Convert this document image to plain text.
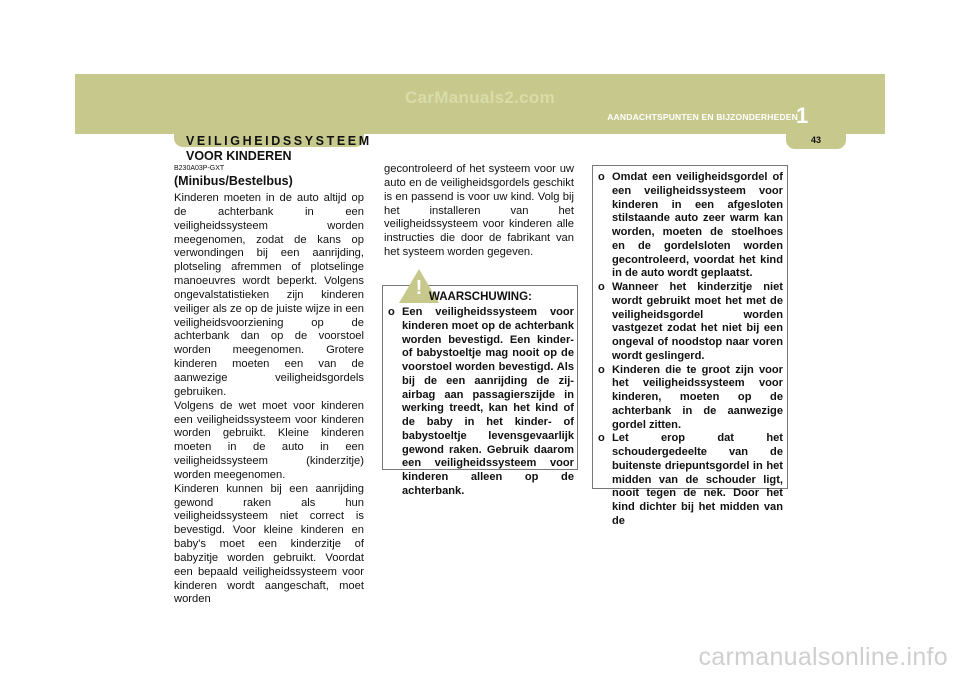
CarManuals2.com
AANDACHTSPUNTEN EN BIJZONDERHEDEN
1
43
VEILIGHEIDSSYSTEEM
VOOR KINDEREN
B230A03P-GXT
(Minibus/Bestelbus)

Kinderen moeten in de auto altijd op de achterbank in een veiligheidssysteem worden meegenomen, zodat de kans op verwondingen bij een aanrijding, plotseling afremmen of plotselinge manoeuvres wordt beperkt. Volgens ongevalstatistieken zijn kinderen veiliger als ze op de juiste wijze in een veiligheidsvoorziening op de achterbank dan op de voorstoel worden meegenomen. Grotere kinderen moeten een van de aanwezige veiligheidsgordels gebruiken.

Volgens de wet moet voor kinderen een veiligheidssysteem voor kinderen worden gebruikt. Kleine kinderen moeten in de auto in een veiligheidssysteem (kinderzitje) worden meegenomen.

Kinderen kunnen bij een aanrijding gewond raken als hun veiligheidssysteem niet correct is bevestigd. Voor kleine kinderen en baby's moet een kinderzitje of babyzitje worden gebruikt. Voordat een bepaald veiligheidssysteem voor kinderen wordt aangeschaft, moet worden

gecontroleerd of het systeem voor uw auto en de veiligheidsgordels geschikt is en passend is voor uw kind. Volg bij het installeren van het veiligheidssysteem voor kinderen alle instructies die door de fabrikant van het systeem worden gegeven.

! WAARSCHUWING:
o Een veiligheidssysteem voor kinderen moet op de achterbank worden bevestigd. Een kinder- of babystoeltje mag nooit op de voorstoel worden bevestigd. Als bij de een aanrijding de zij-airbag aan passagierszijde in werking treedt, kan het kind of de baby in het kinder- of babystoeltje levensgevaarlijk gewond raken. Gebruik daarom een veiligheidssysteem voor kinderen alleen op de achterbank.
o Omdat een veiligheidsgordel of een veiligheidssysteem voor kinderen in een afgesloten stilstaande auto zeer warm kan worden, moeten de stoelhoes en de gordelsloten worden gecontroleerd, voordat het kind in de auto wordt geplaatst.
o Wanneer het kinderzitje niet wordt gebruikt moet het met de veiligheidsgordel worden vastgezet zodat het niet bij een ongeval of noodstop naar voren wordt geslingerd.
o Kinderen die te groot zijn voor het veiligheidssysteem voor kinderen, moeten op de achterbank in de aanwezige gordel zitten.
o Let erop dat het schoudergedeelte van de buitenste driepuntsgordel in het midden van de schouder ligt, nooit tegen de nek. Door het kind dichter bij het midden van de
carmanualsonline.info
